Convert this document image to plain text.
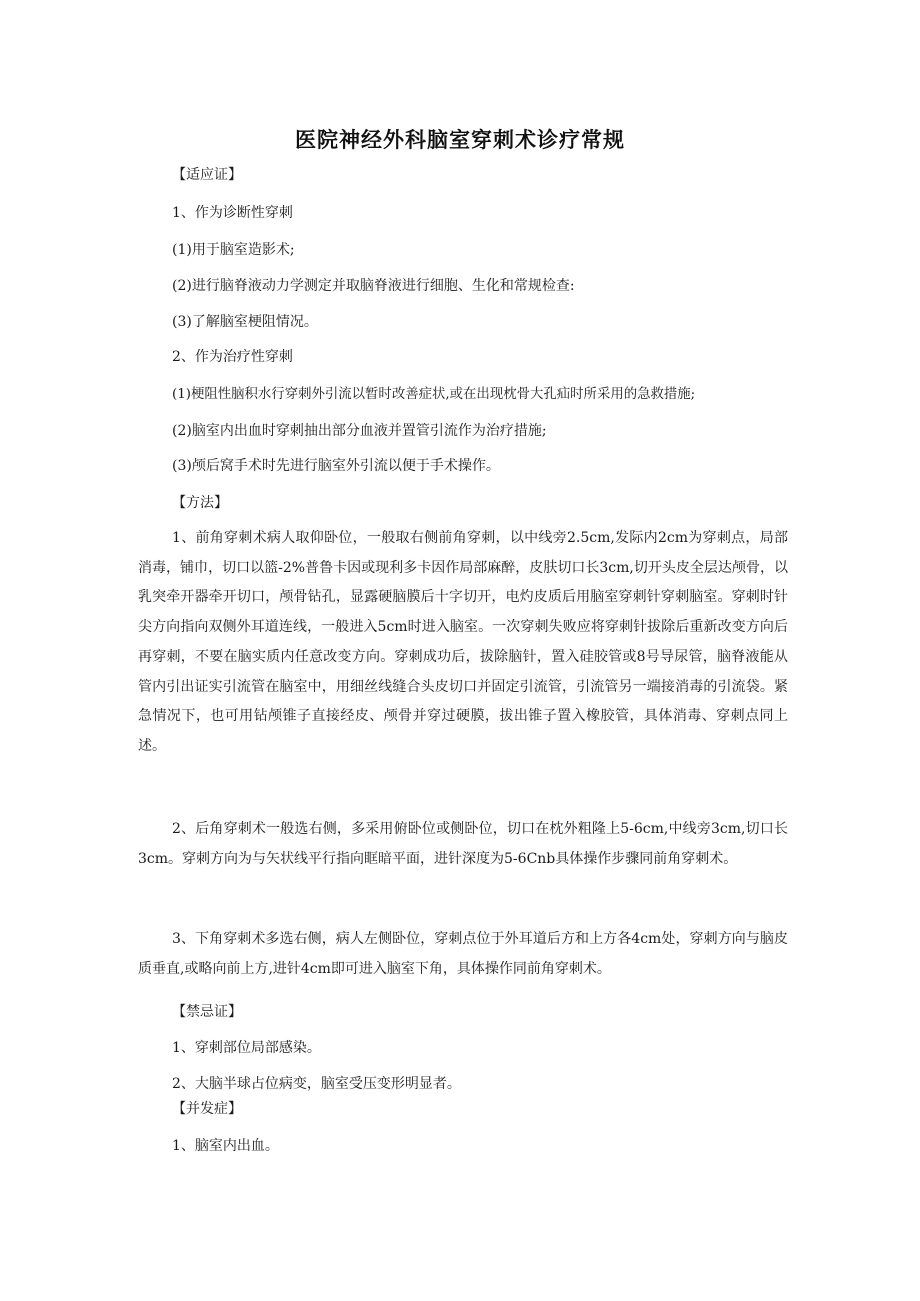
医院神经外科脑室穿刺术诊疗常规
【适应证】
1、作为诊断性穿刺
(1)用于脑室造影术;
(2)进行脑脊液动力学测定并取脑脊液进行细胞、生化和常规检查:
(3)了解脑室梗阻情况。
2、作为治疗性穿刺
(1)梗阻性脑积水行穿刺外引流以暂时改善症状,或在出现枕骨大孔疝时所采用的急救措施;
(2)脑室内出血时穿刺抽出部分血液并置管引流作为治疗措施;
(3)颅后窝手术时先进行脑室外引流以便于手术操作。
【方法】
1、前角穿刺术病人取仰卧位，一般取右侧前角穿刺，以中线旁2.5cm,发际内2cm为穿刺点，局部消毒，铺巾，切口以篮-2%普鲁卡因或现利多卡因作局部麻醉，皮肤切口长3cm,切开头皮全层达颅骨，以乳突牵开器牵开切口，颅骨钻孔，显露硬脑膜后十字切开，电灼皮质后用脑室穿刺针穿刺脑室。穿刺时针尖方向指向双侧外耳道连线，一般进入5cm时进入脑室。一次穿刺失败应将穿刺针拔除后重新改变方向后再穿刺，不要在脑实质内任意改变方向。穿刺成功后，拔除脑针，置入硅胶管或8号导尿管，脑脊液能从管内引出证实引流管在脑室中，用细丝线缝合头皮切口并固定引流管，引流管另一端接消毒的引流袋。紧急情况下，也可用钻颅锥子直接经皮、颅骨并穿过硬膜，拔出锥子置入橡胶管，具体消毒、穿刺点同上述。
2、后角穿刺术一般选右侧，多采用俯卧位或侧卧位，切口在枕外粗隆上5-6cm,中线旁3cm,切口长3cm。穿刺方向为与矢状线平行指向眶暗平面，进针深度为5-6Cnb具体操作步骤同前角穿刺术。
3、下角穿刺术多选右侧，病人左侧卧位，穿刺点位于外耳道后方和上方各4cm处，穿刺方向与脑皮质垂直,或略向前上方,进针4cm即可进入脑室下角，具体操作同前角穿刺术。
【禁忌证】
1、穿刺部位局部感染。
2、大脑半球占位病变，脑室受压变形明显者。
【并发症】
1、脑室内出血。
